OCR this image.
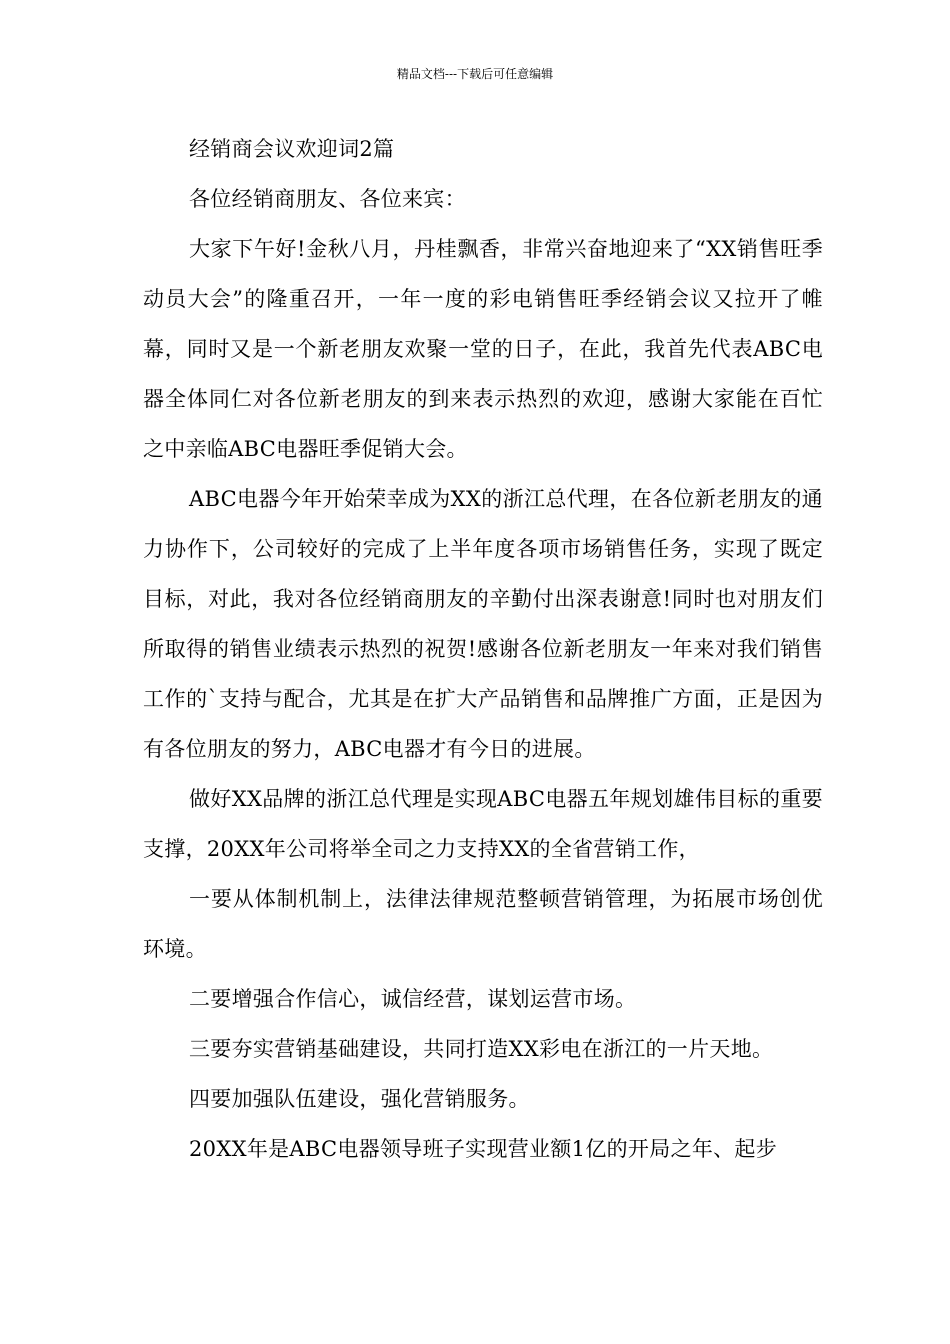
精品文档---下载后可任意编辑

经销商会议欢迎词2篇

各位经销商朋友、各位来宾：

大家下午好!金秋八月，丹桂飘香，非常兴奋地迎来了“XX销售旺季动员大会”的隆重召开，一年一度的彩电销售旺季经销会议又拉开了帷幕，同时又是一个新老朋友欢聚一堂的日子，在此，我首先代表ABC电器全体同仁对各位新老朋友的到来表示热烈的欢迎，感谢大家能在百忙之中亲临ABC电器旺季促销大会。

ABC电器今年开始荣幸成为XX的浙江总代理，在各位新老朋友的通力协作下，公司较好的完成了上半年度各项市场销售任务，实现了既定目标，对此，我对各位经销商朋友的辛勤付出深表谢意!同时也对朋友们所取得的销售业绩表示热烈的祝贺!感谢各位新老朋友一年来对我们销售工作的`支持与配合，尤其是在扩大产品销售和品牌推广方面，正是因为有各位朋友的努力，ABC电器才有今日的进展。

做好XX品牌的浙江总代理是实现ABC电器五年规划雄伟目标的重要支撑，20XX年公司将举全司之力支持XX的全省营销工作，

一要从体制机制上，法律法律规范整顿营销管理，为拓展市场创优环境。

二要增强合作信心，诚信经营，谋划运营市场。

三要夯实营销基础建设，共同打造XX彩电在浙江的一片天地。

四要加强队伍建设，强化营销服务。

20XX年是ABC电器领导班子实现营业额1亿的开局之年、起步
